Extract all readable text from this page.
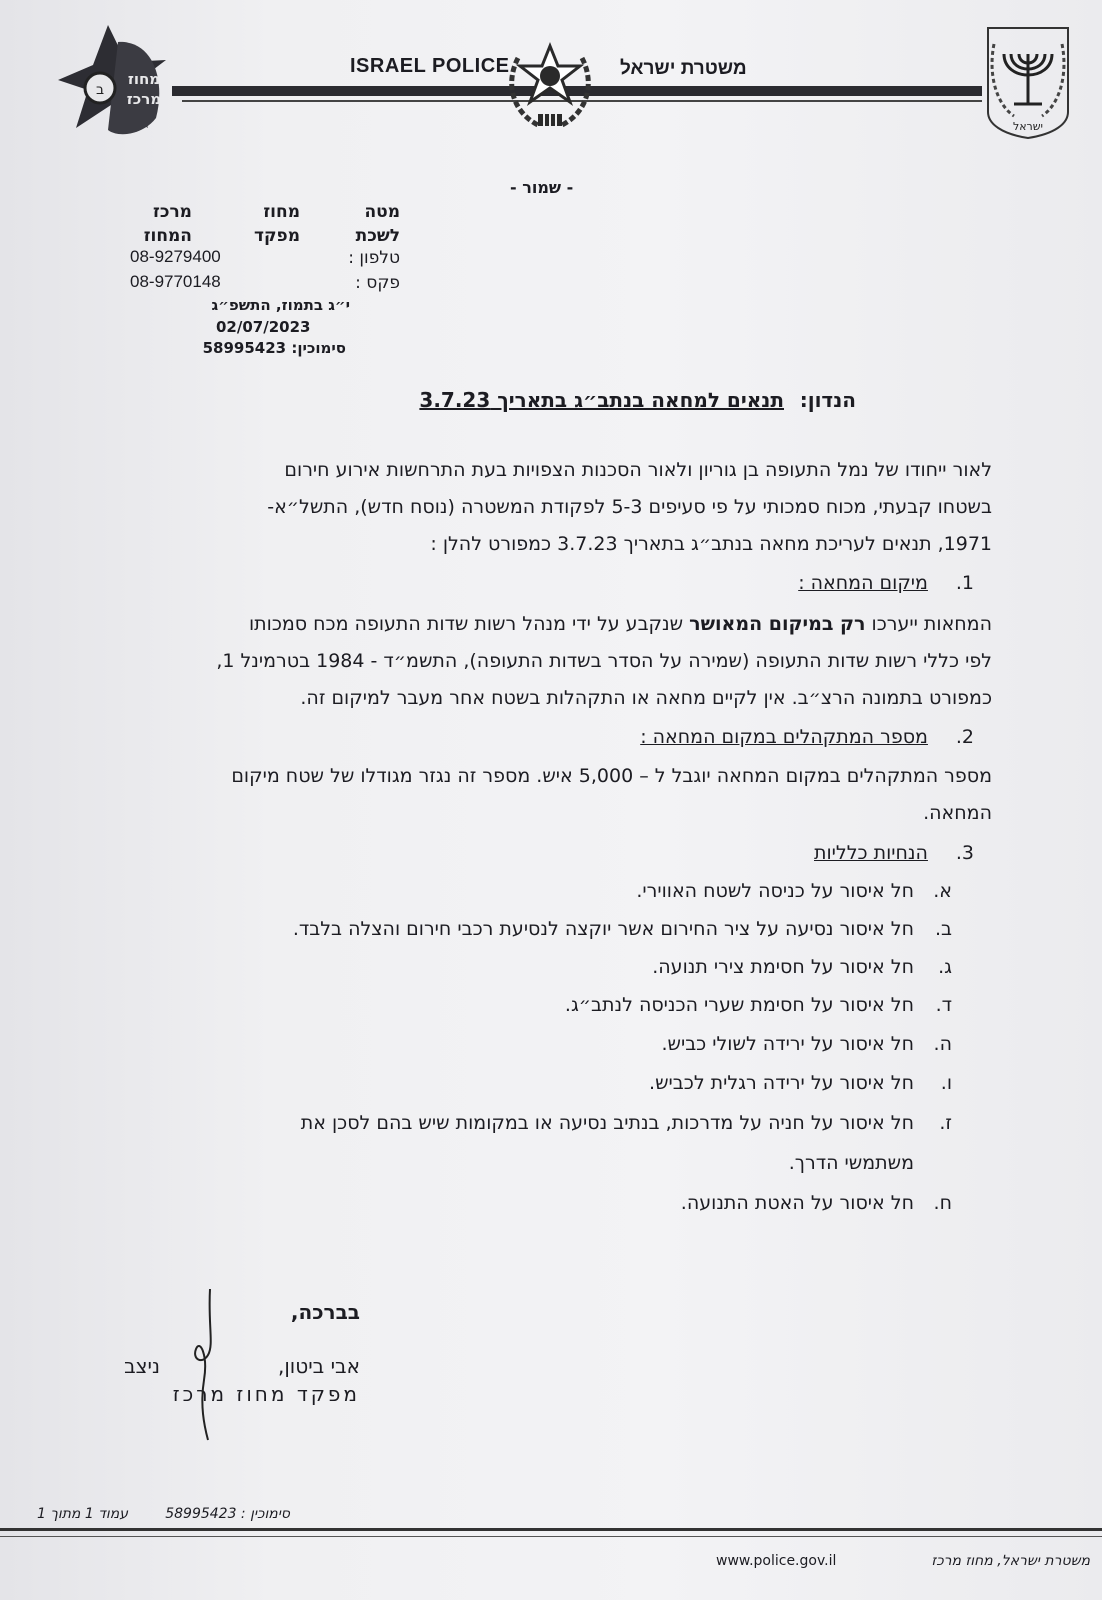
ב
מחוז
מרכז
ISRAEL POLICE	משטרת ישראל
ישראל
- שמור -
מטה
לשכת
מחוז
מפקד
מרכז
המחוז
טלפון :
08-9279400
פקס :
08-9770148
י״ג בתמוז, התשפ״ג
02/07/2023
סימוכין: 58995423
הנדון:
תנאים למחאה בנתב״ג בתאריך 3.7.23
לאור ייחודו של נמל התעופה בן גוריון ולאור הסכנות הצפויות בעת התרחשות אירוע חירום
בשטחו קבעתי, מכוח סמכותי על פי סעיפים 5-3 לפקודת המשטרה (נוסח חדש), התשל״א-
1971, תנאים לעריכת מחאה בנתב״ג בתאריך 3.7.23 כמפורט להלן :
1. מיקום המחאה :
המחאות ייערכו רק במיקום המאושר שנקבע על ידי מנהל רשות שדות התעופה מכח סמכותו
לפי כללי רשות שדות התעופה (שמירה על הסדר בשדות התעופה), התשמ״ד - 1984 בטרמינל 1,
כמפורט בתמונה הרצ״ב. אין לקיים מחאה או התקהלות בשטח אחר מעבר למיקום זה.
2. מספר המתקהלים במקום המחאה :
מספר המתקהלים במקום המחאה יוגבל ל – 5,000 איש. מספר זה נגזר מגודלו של שטח מיקום
המחאה.
3. הנחיות כלליות
א.
חל איסור על כניסה לשטח האווירי.
ב.
חל איסור נסיעה על ציר החירום אשר יוקצה לנסיעת רכבי חירום והצלה בלבד.
ג.
חל איסור על חסימת צירי תנועה.
ד.
חל איסור על חסימת שערי הכניסה לנתב״ג.
ה.
חל איסור על ירידה לשולי כביש.
ו.
חל איסור על ירידה רגלית לכביש.
ז.
חל איסור על חניה על מדרכות, בנתיב נסיעה או במקומות שיש בהם לסכן את
משתמשי הדרך.
ח.
חל איסור על האטת התנועה.
בברכה,
אבי ביטון,
ניצב
מפקד מחוז מרכז
סימוכין : 58995423
עמוד 1 מתוך 1
משטרת ישראל, מחוז מרכז
www.police.gov.il
